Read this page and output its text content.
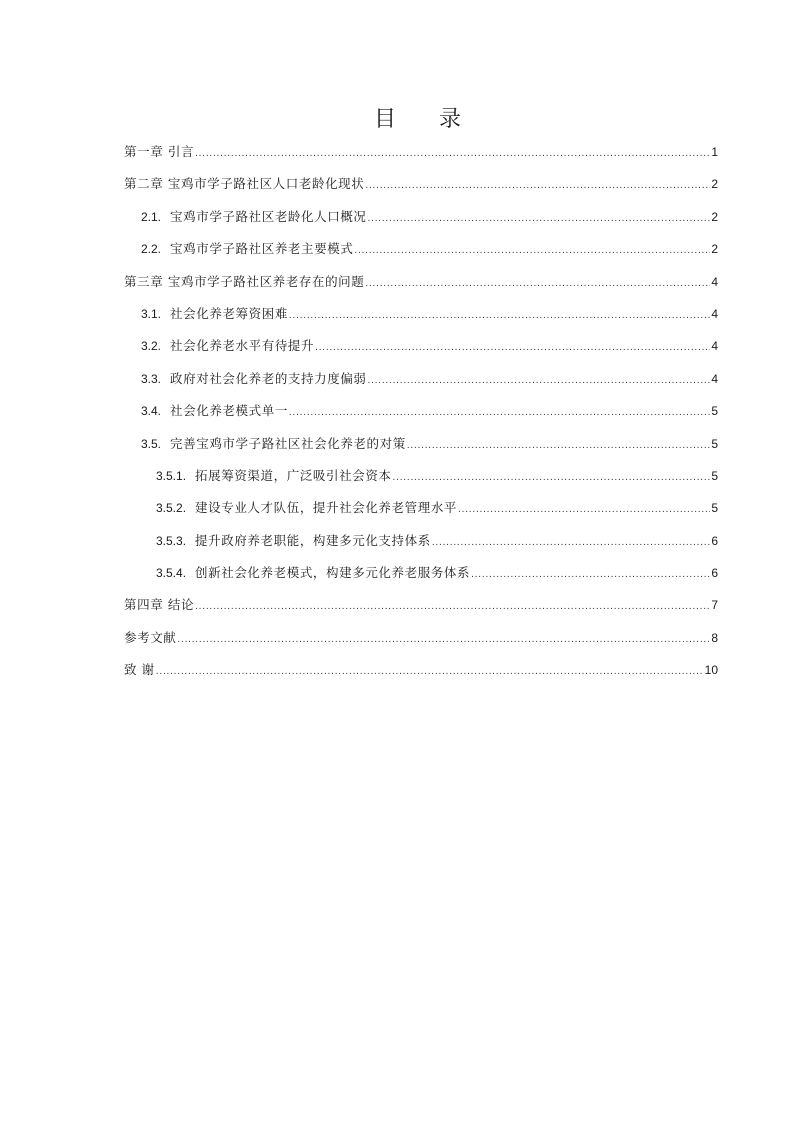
目 录
第一章 引言 .....	1
第二章 宝鸡市学子路社区人口老龄化现状 .....	2
2.1. 宝鸡市学子路社区老龄化人口概况 .....	2
2.2. 宝鸡市学子路社区养老主要模式 .....	2
第三章 宝鸡市学子路社区养老存在的问题 .....	4
3.1. 社会化养老筹资困难 .....	4
3.2. 社会化养老水平有待提升 .....	4
3.3. 政府对社会化养老的支持力度偏弱 .....	4
3.4. 社会化养老模式单一 .....	5
3.5. 完善宝鸡市学子路社区社会化养老的对策 .....	5
3.5.1. 拓展筹资渠道，广泛吸引社会资本 .....	5
3.5.2. 建设专业人才队伍，提升社会化养老管理水平 .....	5
3.5.3. 提升政府养老职能，构建多元化支持体系 .....	6
3.5.4. 创新社会化养老模式，构建多元化养老服务体系 .....	6
第四章 结论 .....	7
参考文献 .....	8
致 谢 .....	10
